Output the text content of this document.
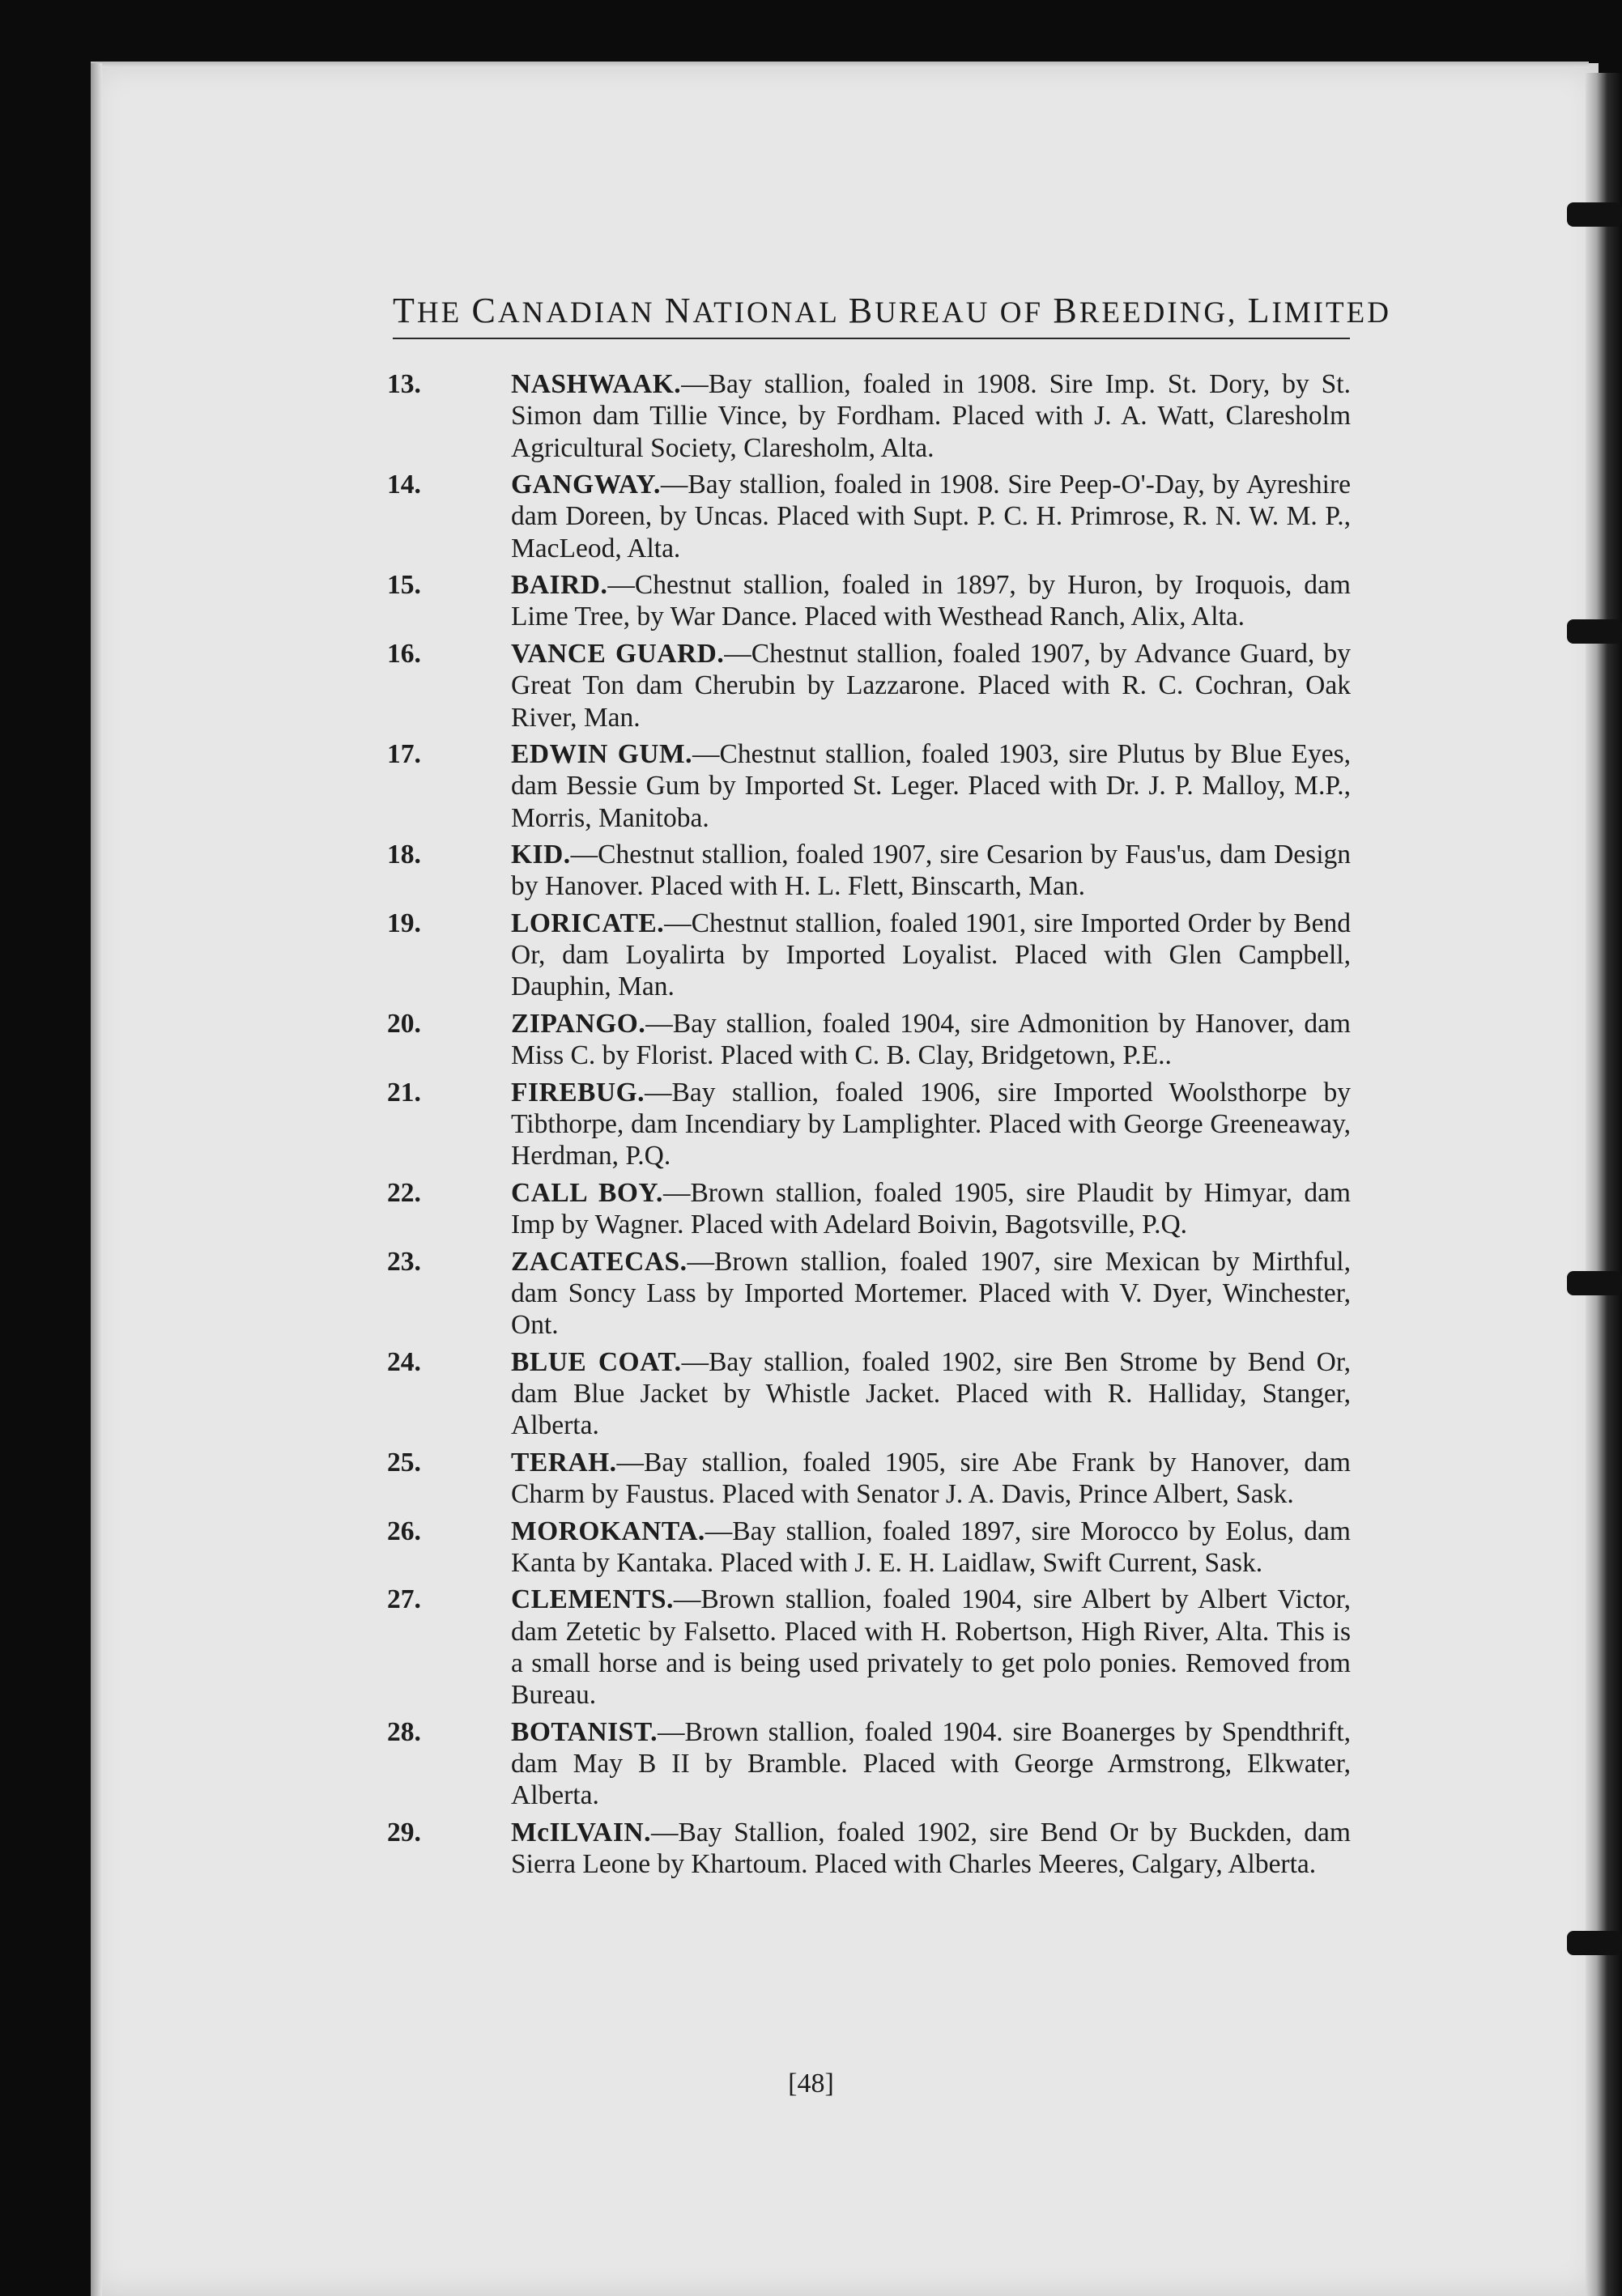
THE CANADIAN NATIONAL BUREAU OF BREEDING, LIMITED
13.	NASHWAAK.—Bay stallion, foaled in 1908. Sire Imp. St. Dory, by St. Simon dam Tillie Vince, by Fordham. Placed with J. A. Watt, Claresholm Agricultural Society, Claresholm, Alta.
14.	GANGWAY.—Bay stallion, foaled in 1908. Sire Peep-O'-Day, by Ayreshire dam Doreen, by Uncas. Placed with Supt. P. C. H. Primrose, R. N. W. M. P., MacLeod, Alta.
15.	BAIRD.—Chestnut stallion, foaled in 1897, by Huron, by Iroquois, dam Lime Tree, by War Dance. Placed with Westhead Ranch, Alix, Alta.
16.	VANCE GUARD.—Chestnut stallion, foaled 1907, by Advance Guard, by Great Ton dam Cherubin by Lazzarone. Placed with R. C. Cochran, Oak River, Man.
17.	EDWIN GUM.—Chestnut stallion, foaled 1903, sire Plutus by Blue Eyes, dam Bessie Gum by Imported St. Leger. Placed with Dr. J. P. Malloy, M.P., Morris, Manitoba.
18.	KID.—Chestnut stallion, foaled 1907, sire Cesarion by Faus'us, dam Design by Hanover. Placed with H. L. Flett, Binscarth, Man.
19.	LORICATE.—Chestnut stallion, foaled 1901, sire Imported Order by Bend Or, dam Loyalirta by Imported Loyalist. Placed with Glen Campbell, Dauphin, Man.
20.	ZIPANGO.—Bay stallion, foaled 1904, sire Admonition by Hanover, dam Miss C. by Florist. Placed with C. B. Clay, Bridgetown, P.E..
21.	FIREBUG.—Bay stallion, foaled 1906, sire Imported Woolsthorpe by Tibthorpe, dam Incendiary by Lamplighter. Placed with George Greeneaway, Herdman, P.Q.
22.	CALL BOY.—Brown stallion, foaled 1905, sire Plaudit by Himyar, dam Imp by Wagner. Placed with Adelard Boivin, Bagotsville, P.Q.
23.	ZACATECAS.—Brown stallion, foaled 1907, sire Mexican by Mirthful, dam Soncy Lass by Imported Mortemer. Placed with V. Dyer, Winchester, Ont.
24.	BLUE COAT.—Bay stallion, foaled 1902, sire Ben Strome by Bend Or, dam Blue Jacket by Whistle Jacket. Placed with R. Halliday, Stanger, Alberta.
25.	TERAH.—Bay stallion, foaled 1905, sire Abe Frank by Hanover, dam Charm by Faustus. Placed with Senator J. A. Davis, Prince Albert, Sask.
26.	MOROKANTA.—Bay stallion, foaled 1897, sire Morocco by Eolus, dam Kanta by Kantaka. Placed with J. E. H. Laidlaw, Swift Current, Sask.
27.	CLEMENTS.—Brown stallion, foaled 1904, sire Albert by Albert Victor, dam Zetetic by Falsetto. Placed with H. Robertson, High River, Alta. This is a small horse and is being used privately to get polo ponies. Removed from Bureau.
28.	BOTANIST.—Brown stallion, foaled 1904. sire Boanerges by Spendthrift, dam May B II by Bramble. Placed with George Armstrong, Elkwater, Alberta.
29.	McILVAIN.—Bay Stallion, foaled 1902, sire Bend Or by Buckden, dam Sierra Leone by Khartoum. Placed with Charles Meeres, Calgary, Alberta.
[48]
